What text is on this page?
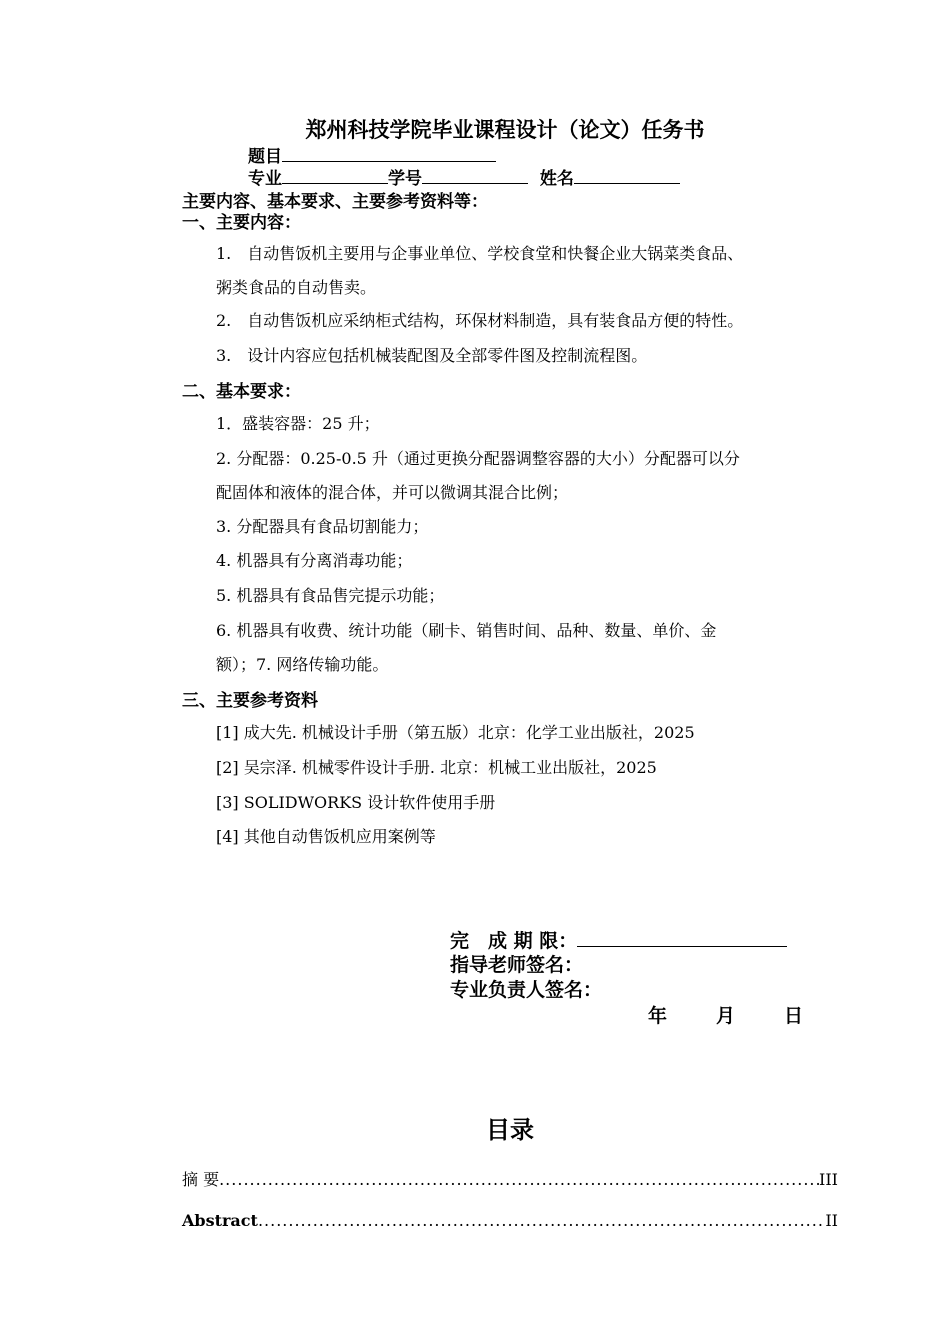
郑州科技学院毕业课程设计（论文）任务书
题目
专业	学号	姓名
主要内容、基本要求、主要参考资料等：
一、主要内容：
1.　自动售饭机主要用与企事业单位、学校食堂和快餐企业大锅菜类食品、
粥类食品的自动售卖。
2.　自动售饭机应采纳柜式结构，环保材料制造，具有装食品方便的特性。
3.　设计内容应包括机械装配图及全部零件图及控制流程图。
二、基本要求：
1．盛装容器：25 升；
2. 分配器：0.25-0.5 升（通过更换分配器调整容器的大小）分配器可以分
配固体和液体的混合体，并可以微调其混合比例；
3. 分配器具有食品切割能力；
4. 机器具有分离消毒功能；
5. 机器具有食品售完提示功能；
6. 机器具有收费、统计功能（刷卡、销售时间、品种、数量、单价、金
额）；7. 网络传输功能。
三、主要参考资料
[1] 成大先. 机械设计手册（第五版）北京：化学工业出版社，2025
[2] 吴宗泽. 机械零件设计手册. 北京：机械工业出版社，2025
[3] SOLIDWORKS 设计软件使用手册
[4] 其他自动售饭机应用案例等
完　成 期 限：
指导老师签名：
专业负责人签名：
年	月	日
目录
摘 要 .....	III
Abstract .....	II
